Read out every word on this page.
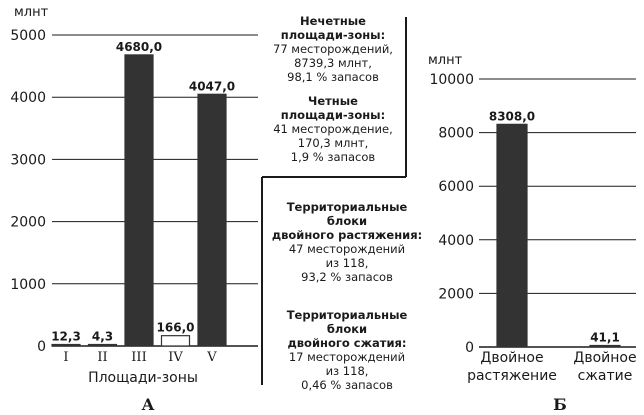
млнт
0
1000
2000
3000
4000
5000
I II III IV V
12,3 4,3
4680,0
166,0
4047,0
Площади-зоны
А
млнт
0
2000
4000
6000
8000
10000
Двойное
растяжение
Двойное
сжатие
8308,0
41,1
Б
Нечетные
площади-зоны:
77 месторождений,
8739,3 млнт,
98,1 % запасов
Четные
площади-зоны:
41 месторождение,
170,3 млнт,
1,9 % запасов
Территориальные блоки
двойного растяжения:
47 месторождений
из 118,
93,2 % запасов
Территориальные блоки
двойного сжатия:
17 месторождений
из 118,
0,46 % запасов
